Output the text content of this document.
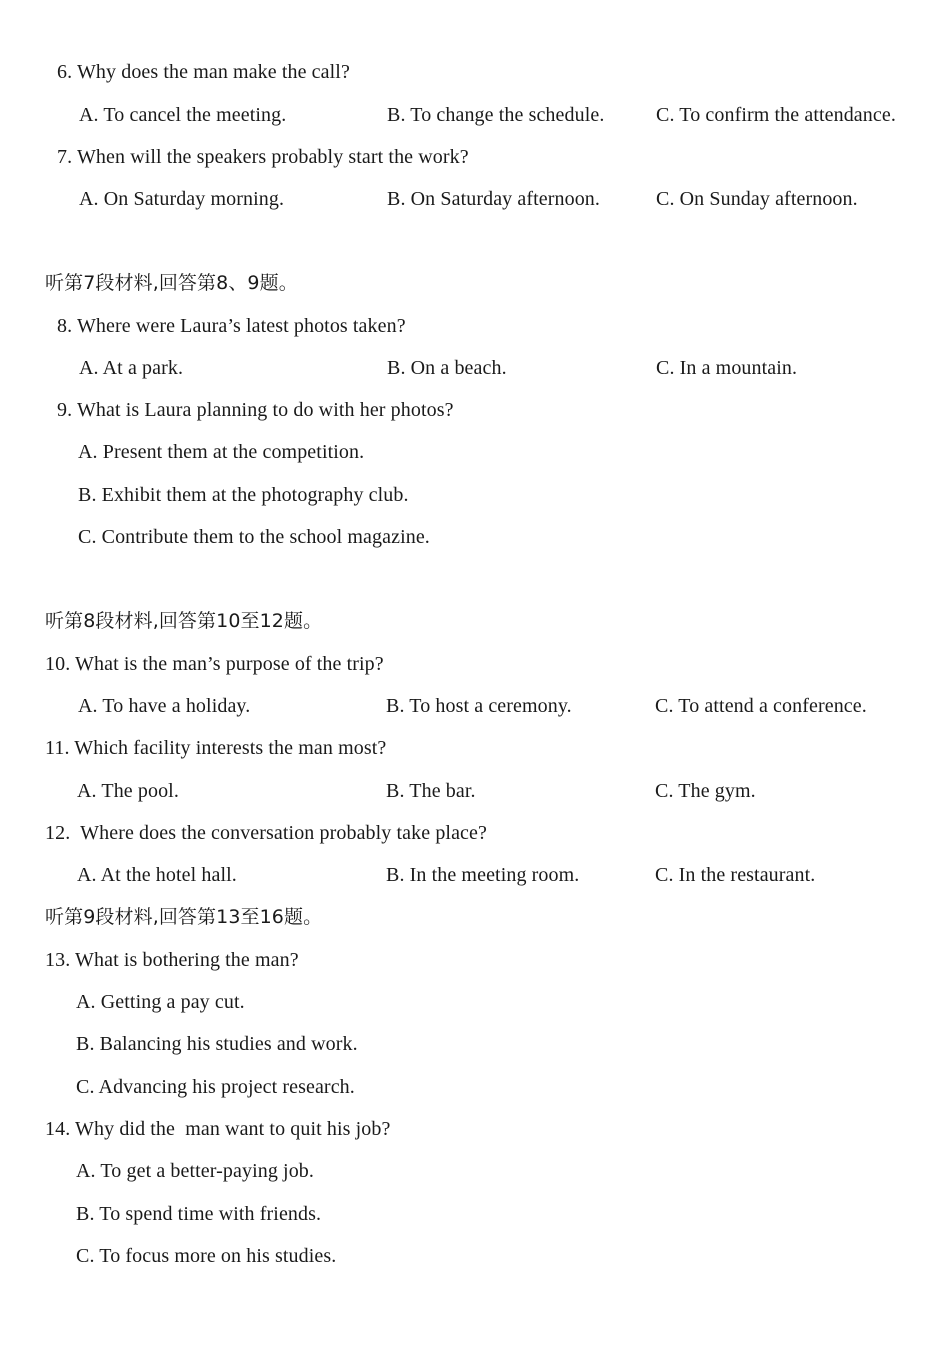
6. Why does the man make the call?
A. To cancel the meeting.	B. To change the schedule.	C. To confirm the attendance.
7. When will the speakers probably start the work?
A. On Saturday morning.	B. On Saturday afternoon.	C. On Sunday afternoon.
听第7段材料,回答第8、9题。
8. Where were Laura’s latest photos taken?
A. At a park.	B. On a beach.	C. In a mountain.
9. What is Laura planning to do with her photos?
A. Present them at the competition.
B. Exhibit them at the photography club.
C. Contribute them to the school magazine.
听第8段材料,回答第10至12题。
10. What is the man’s purpose of the trip?
A. To have a holiday.	B. To host a ceremony.	C. To attend a conference.
11. Which facility interests the man most?
A. The pool.	B. The bar.	C. The gym.
12.  Where does the conversation probably take place?
A. At the hotel hall.	B. In the meeting room.	C. In the restaurant.
听第9段材料,回答第13至16题。
13. What is bothering the man?
A. Getting a pay cut.
B. Balancing his studies and work.
C. Advancing his project research.
14. Why did the  man want to quit his job?
A. To get a better-paying job.
B. To spend time with friends.
C. To focus more on his studies.
